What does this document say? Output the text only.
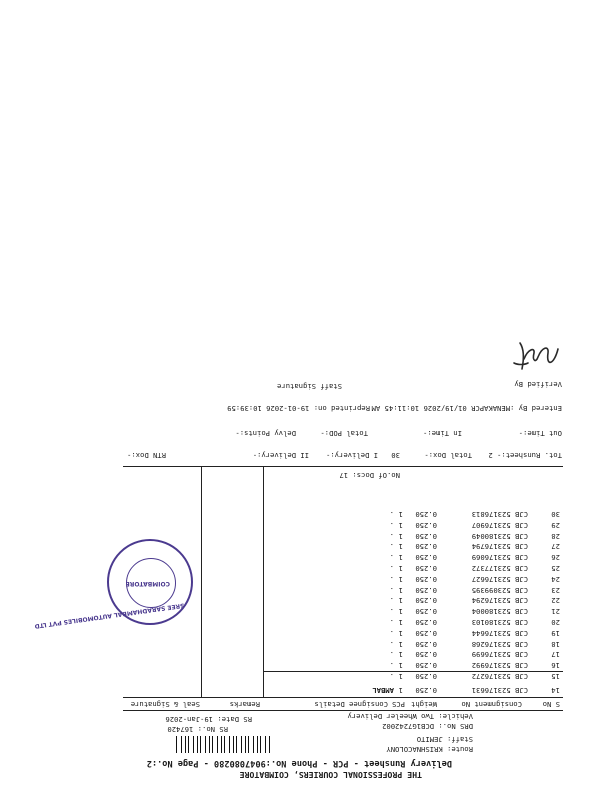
THE PROFESSIONAL COURIERS, COIMBATORE
Delivery Runsheet - PCR - Phone No.:9047080280 - Page No.:2
Route: KRISHNACOLONY
Staff: JEMITO
DRS No.: DCB1G7242002
Vehicle: Two Wheeler Delivery
RS No.: 167420
RS Date: 19-Jan-2026
S No
Consignment No
Weight
PCS
Consignee Details
Remarks
Seal & Signature
14
CJB 523176631
0.250
1
AMBAL
15
CJB 523176272
0.250
1
.
16
CJB 523176992
0.250
1
.
17
CJB 523176699
0.250
1
.
18
CJB 523176268
0.250
1
.
19
CJB 523176644
0.250
1
.
20
CJB 523180103
0.250
1
.
21
CJB 523180004
0.250
1
.
22
CJB 523176294
0.250
1
.
23
CJB 523099395
0.250
1
.
24
CJB 523176627
0.250
1
.
25
CJB 523177372
0.250
1
.
26
CJB 523176069
0.250
1
.
27
CJB 523176794
0.250
1
.
28
CJB 523180049
0.250
1
.
29
CJB 523176907
0.250
1
.
30
CJB 523176813
0.250
1
.
No.Of Docs: 17
Tot. Runsheet:- 2
Total Dox:-
30
I Delivery:-
II Delivery:-
RTN Dox:-
Out Time:-
In Time:-
Total POD:-
Delvy Points:-
Entered By :MENAKAPCR 01/19/2026 10:11:45 AM
Reprinted on: 19-01-2026 10:39:59
Staff Signature	Verified By
SREE SARADHAMBAL AUTOMOBILES PVT LTD
COIMBATORE
